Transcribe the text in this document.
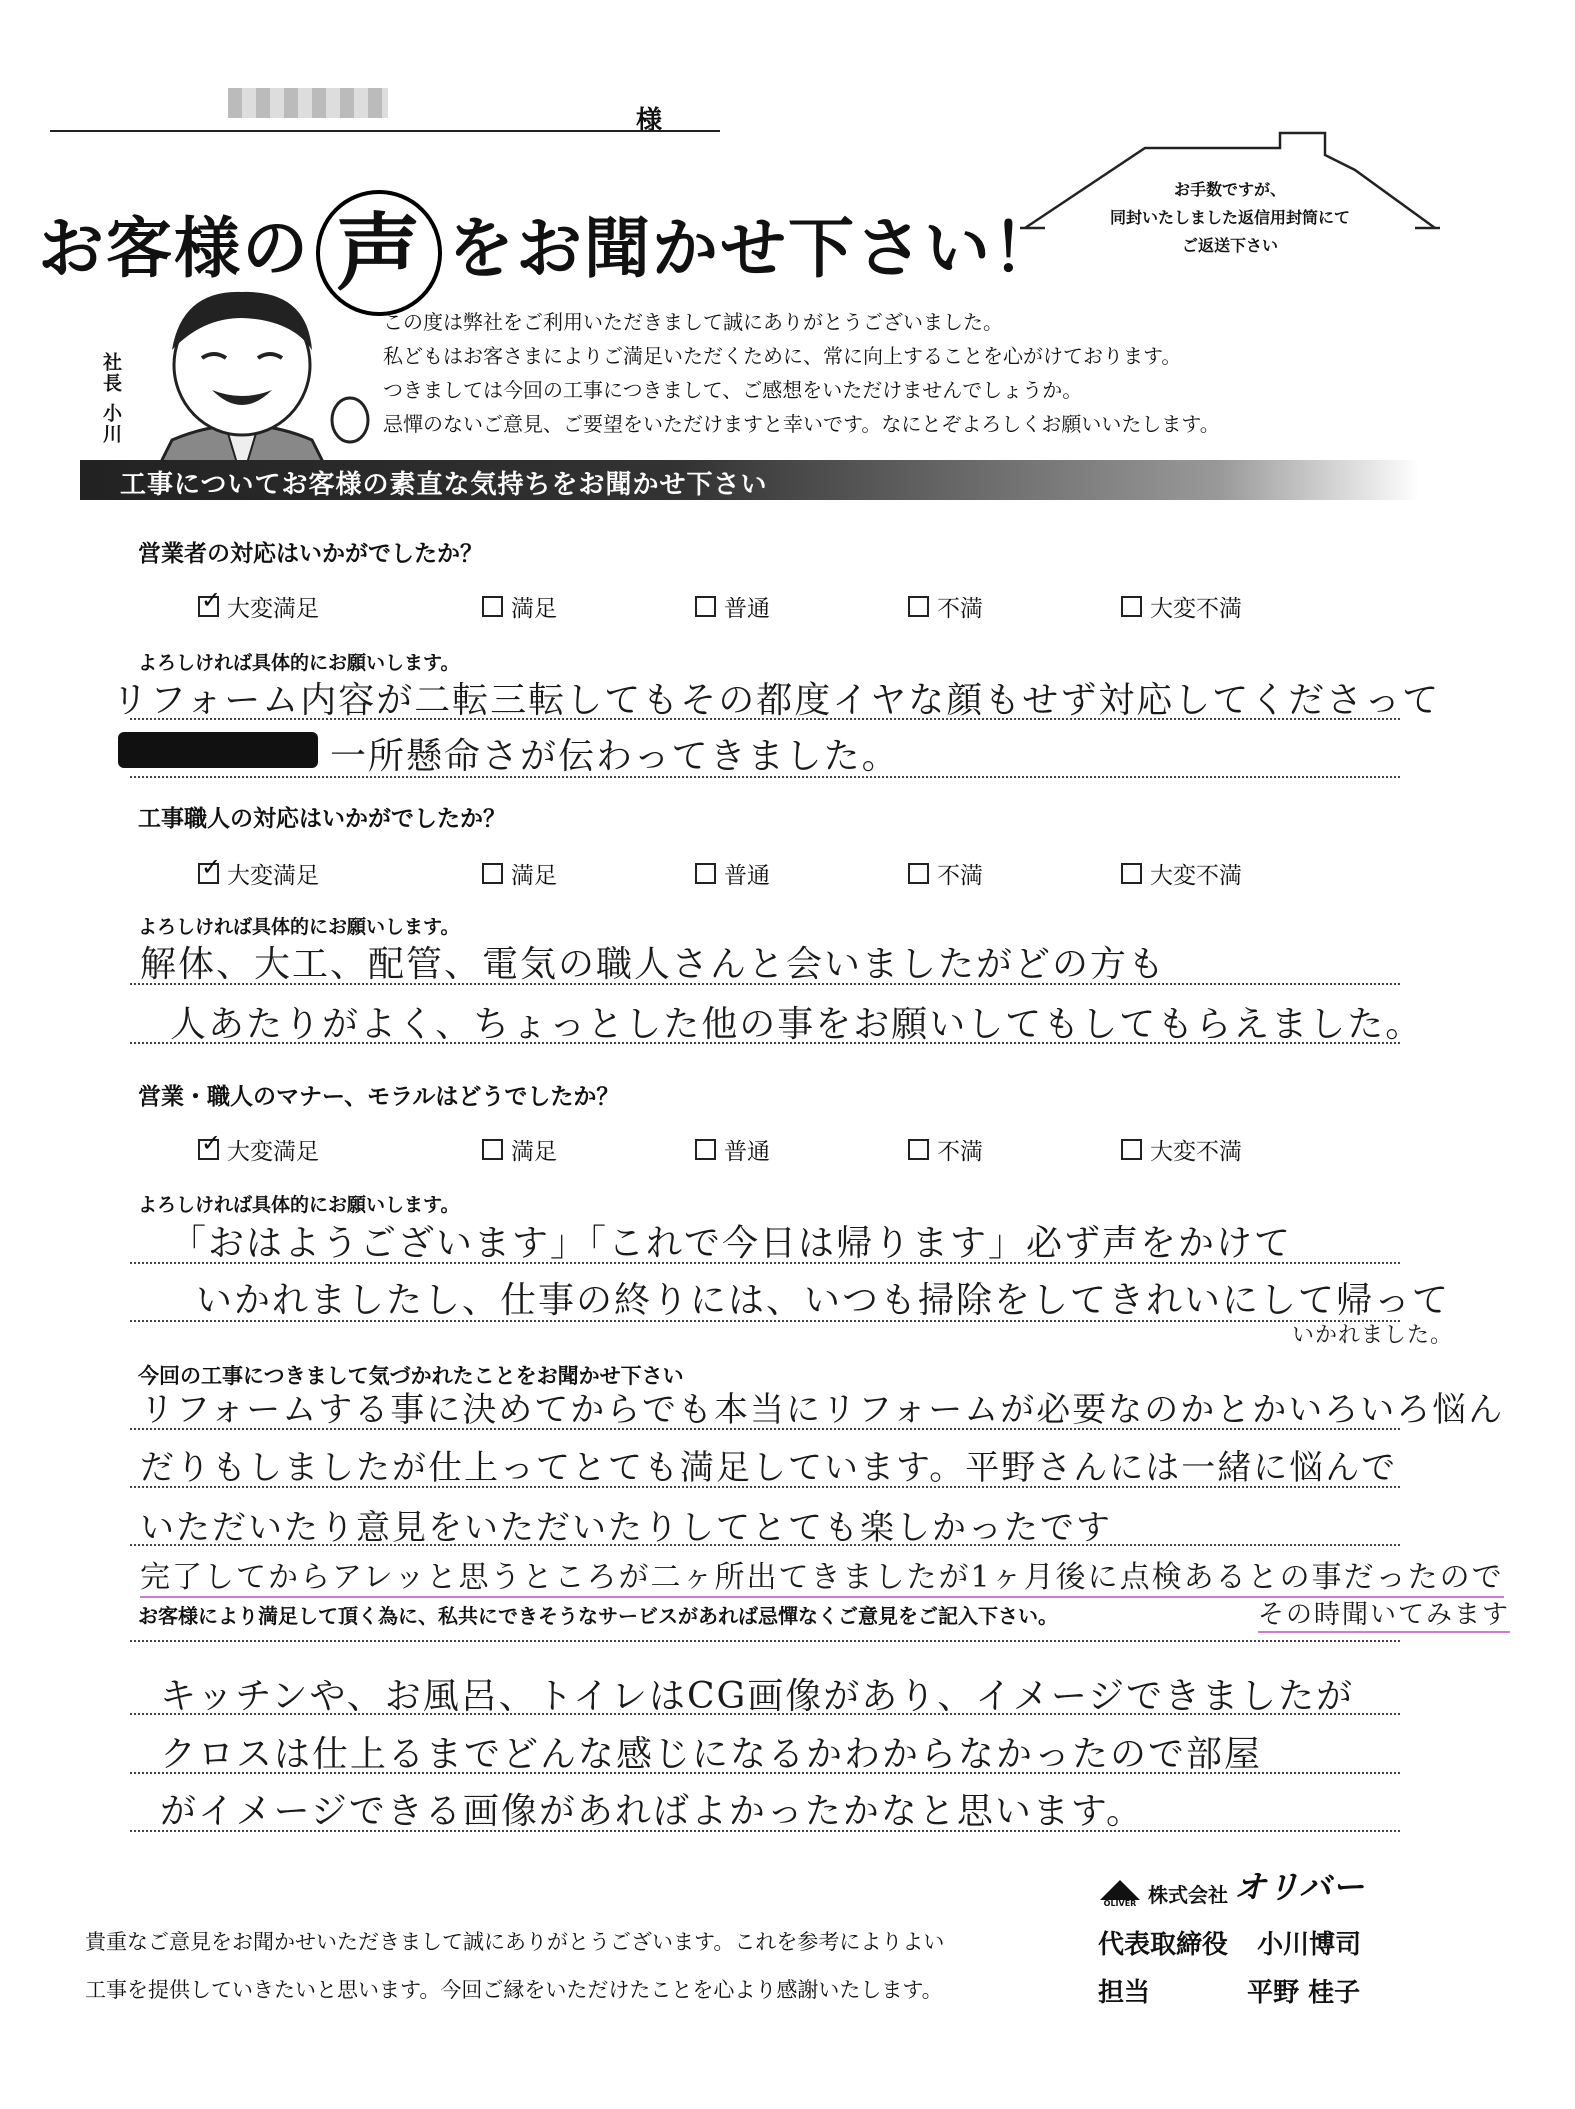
様
お客様の 声 をお聞かせ下さい！
お手数ですが、
同封いたしました返信用封筒にて
ご返送下さい
社長 小川
この度は弊社をご利用いただきまして誠にありがとうございました。
私どもはお客さまによりご満足いただくために、常に向上することを心がけております。
つきましては今回の工事につきまして、ご感想をいただけませんでしょうか。
忌憚のないご意見、ご要望をいただけますと幸いです。なにとぞよろしくお願いいたします。
工事についてお客様の素直な気持ちをお聞かせ下さい
営業者の対応はいかがでしたか？
✓
大変満足	満足	普通	不満	大変不満
よろしければ具体的にお願いします。
リフォーム内容が二転三転してもその都度イヤな顔もせず対応してくださって
一所懸命さが伝わってきました。
工事職人の対応はいかがでしたか？
✓
大変満足	満足	普通	不満	大変不満
よろしければ具体的にお願いします。
解体、大工、配管、電気の職人さんと会いましたがどの方も
人あたりがよく、ちょっとした他の事をお願いしてもしてもらえました。
営業・職人のマナー、モラルはどうでしたか？
✓
大変満足	満足	普通	不満	大変不満
よろしければ具体的にお願いします。
「おはようございます」「これで今日は帰ります」必ず声をかけて
いかれましたし、仕事の終りには、いつも掃除をしてきれいにして帰って
いかれました。
今回の工事につきまして気づかれたことをお聞かせ下さい
リフォームする事に決めてからでも本当にリフォームが必要なのかとかいろいろ悩ん
だりもしましたが仕上ってとても満足しています。平野さんには一緒に悩んで
いただいたり意見をいただいたりしてとても楽しかったです
完了してからアレッと思うところが二ヶ所出てきましたが1ヶ月後に点検あるとの事だったので
その時聞いてみます
お客様により満足して頂く為に、私共にできそうなサービスがあれば忌憚なくご意見をご記入下さい。
キッチンや、お風呂、トイレはCG画像があり、イメージできましたが
クロスは仕上るまでどんな感じになるかわからなかったので部屋
がイメージできる画像があればよかったかなと思います。
貴重なご意見をお聞かせいただきまして誠にありがとうございます。これを参考によりよい
工事を提供していきたいと思います。今回ご縁をいただけたことを心より感謝いたします。
OLIVER 株式会社 オリバー
代表取締役 小川博司
担当	平野 桂子
